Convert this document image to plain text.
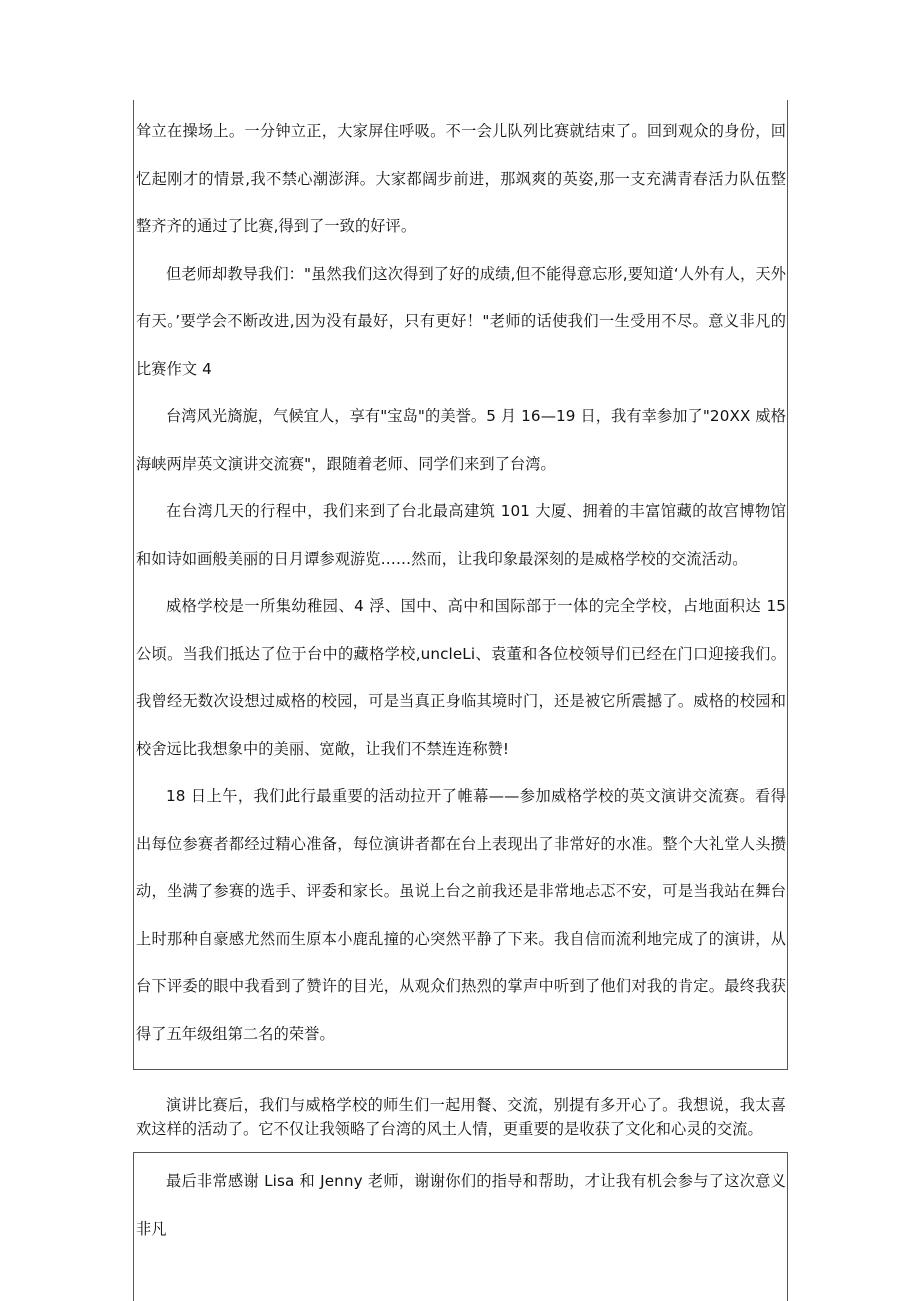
耸立在操场上。一分钟立正，大家屏住呼吸。不一会儿队列比赛就结束了。回到观众的身份，回忆起刚才的情景,我不禁心潮澎湃。大家都阔步前进，那飒爽的英姿,那一支充满青春活力队伍整整齐齐的通过了比赛,得到了一致的好评。

但老师却教导我们："虽然我们这次得到了好的成绩,但不能得意忘形,要知道‘人外有人，天外有天。’要学会不断改进,因为没有最好，只有更好！"老师的话使我们一生受用不尽。意义非凡的比赛作文 4

台湾风光旖旎，气候宜人，享有"宝岛"的美誉。5 月 16—19 日，我有幸参加了"20XX 威格海峡两岸英文演讲交流赛"，跟随着老师、同学们来到了台湾。

在台湾几天的行程中，我们来到了台北最高建筑 101 大厦、拥着的丰富馆藏的故宫博物馆和如诗如画般美丽的日月谭参观游览……然而，让我印象最深刻的是威格学校的交流活动。

威格学校是一所集幼稚园、4 浮、国中、高中和国际部于一体的完全学校，占地面积达 15 公顷。当我们抵达了位于台中的藏格学校,uncleLi、袁董和各位校领导们已经在门口迎接我们。我曾经无数次设想过威格的校园，可是当真正身临其境时门，还是被它所震撼了。威格的校园和校舍远比我想象中的美丽、宽敞，让我们不禁连连称赞!

18 日上午，我们此行最重要的活动拉开了帷幕——参加威格学校的英文演讲交流赛。看得出每位参赛者都经过精心准备，每位演讲者都在台上表现出了非常好的水准。整个大礼堂人头攒动，坐满了参赛的选手、评委和家长。虽说上台之前我还是非常地忐忑不安，可是当我站在舞台上时那种自豪感尤然而生原本小鹿乱撞的心突然平静了下来。我自信而流利地完成了的演讲，从台下评委的眼中我看到了赞许的目光，从观众们热烈的掌声中听到了他们对我的肯定。最终我获得了五年级组第二名的荣誉。

演讲比赛后，我们与威格学校的师生们一起用餐、交流，别提有多开心了。我想说，我太喜欢这样的活动了。它不仅让我领略了台湾的风土人情，更重要的是收获了文化和心灵的交流。

最后非常感谢 Lisa 和 Jenny 老师，谢谢你们的指导和帮助，才让我有机会参与了这次意义非凡
